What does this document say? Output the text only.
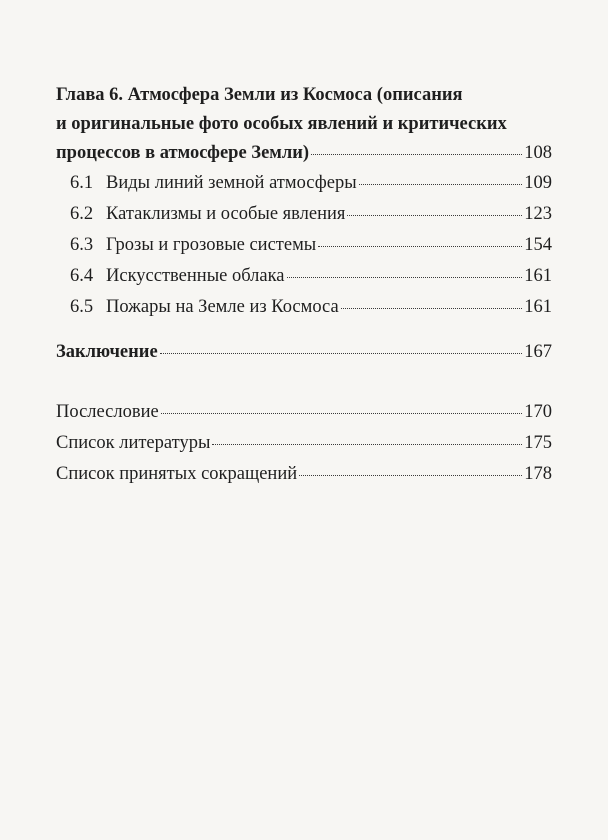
Глава 6. Атмосфера Земли из Космоса (описания
и оригинальные фото особых явлений и критических
процессов в атмосфере Земли)	108
6.1 Виды линий земной атмосферы	109
6.2 Катаклизмы и особые явления	123
6.3 Грозы и грозовые системы	154
6.4 Искусственные облака	161
6.5 Пожары на Земле из Космоса	161
Заключение	167
Послесловие	170
Список литературы	175
Список принятых сокращений	178
